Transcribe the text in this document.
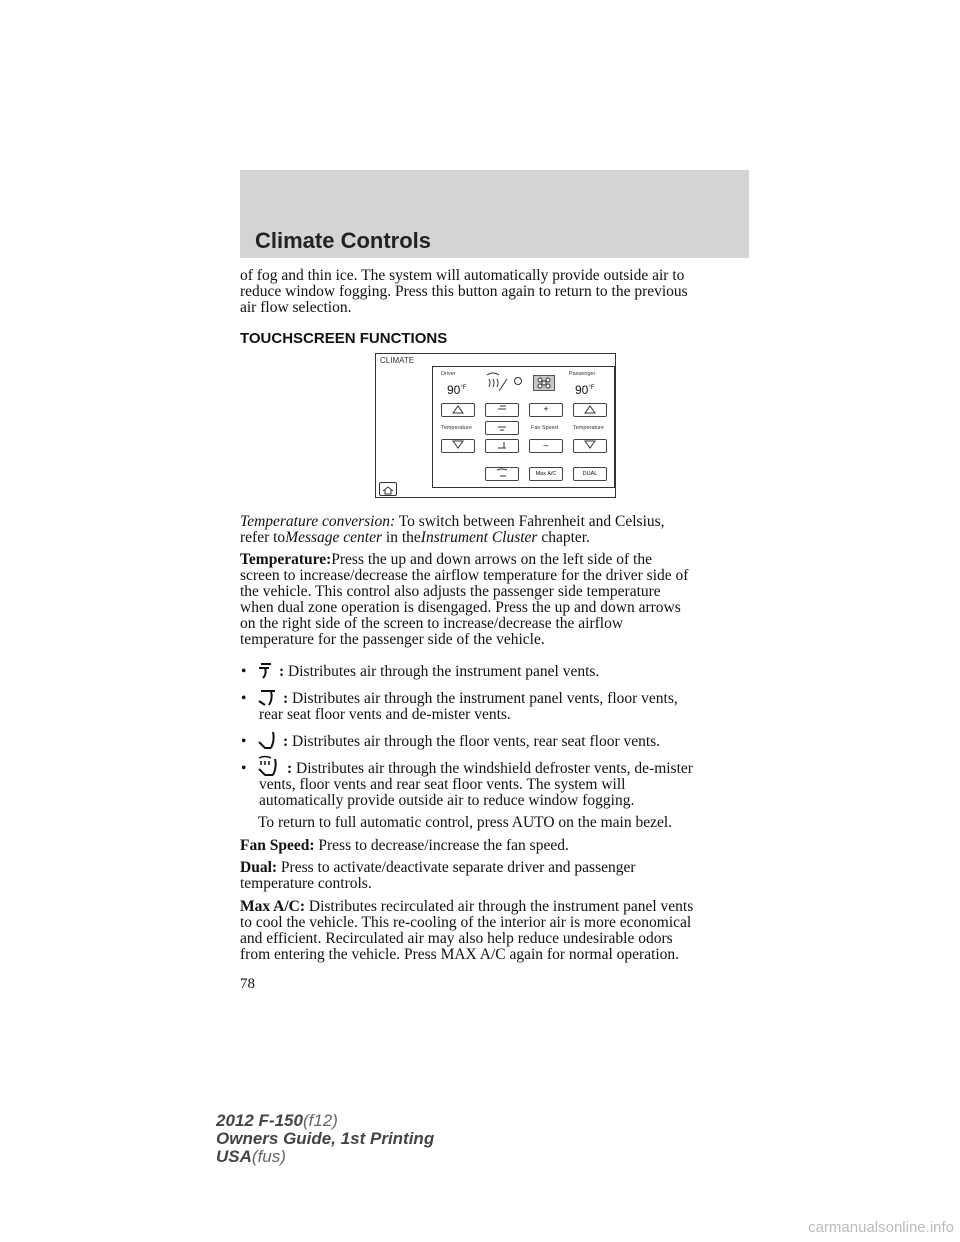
Climate Controls
of fog and thin ice. The system will automatically provide outside air to
reduce window fogging. Press this button again to return to the previous
air flow selection.
TOUCHSCREEN FUNCTIONS
CLIMATE
Driver	Passenger
$90^{^\circ F}$	$90^{^\circ F}$
+
Temperature	Fan Speed	Temperature
–
Max A/C	DUAL
Temperature conversion: To switch between Fahrenheit and Celsius,
refer toMessage center in theInstrument Cluster chapter.
Temperature:Press the up and down arrows on the left side of the
screen to increase/decrease the airflow temperature for the driver side of
the vehicle. This control also adjusts the passenger side temperature
when dual zone operation is disengaged. Press the up and down arrows
on the right side of the screen to increase/decrease the airflow
temperature for the passenger side of the vehicle.
• : Distributes air through the instrument panel vents.
• : Distributes air through the instrument panel vents, floor vents,
rear seat floor vents and de-mister vents.
• : Distributes air through the floor vents, rear seat floor vents.
•	: Distributes air through the windshield defroster vents, de-mister
vents, floor vents and rear seat floor vents. The system will
automatically provide outside air to reduce window fogging.
To return to full automatic control, press AUTO on the main bezel.
Fan Speed: Press to decrease/increase the fan speed.
Dual: Press to activate/deactivate separate driver and passenger
temperature controls.
Max A/C: Distributes recirculated air through the instrument panel vents
to cool the vehicle. This re-cooling of the interior air is more economical
and efficient. Recirculated air may also help reduce undesirable odors
from entering the vehicle. Press MAX A/C again for normal operation.
78
2012 F-150(f12)
Owners Guide, 1st Printing
USA(fus)
carmanualsonline.info
